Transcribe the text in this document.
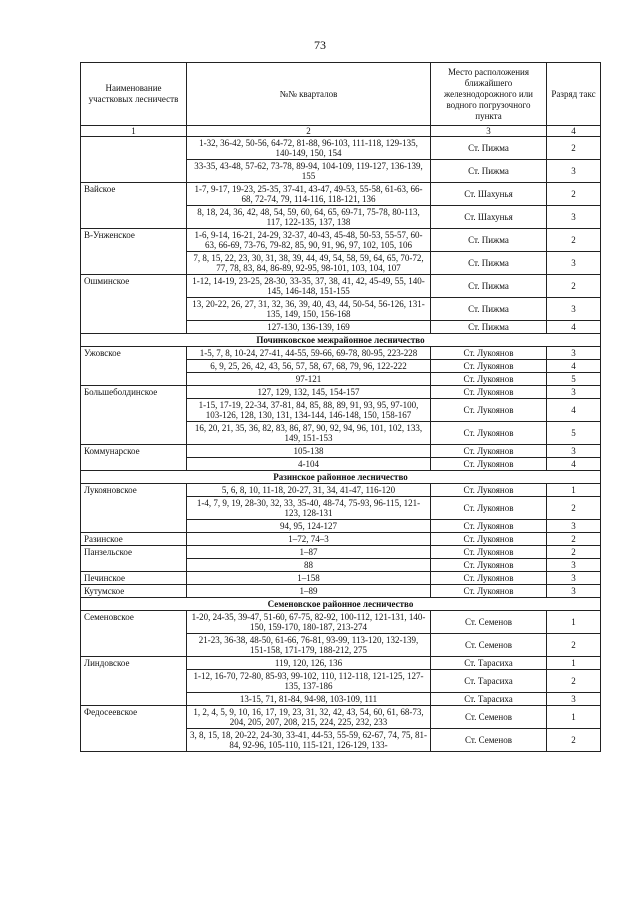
73
Наименование участковых лесничеств	№№ кварталов	Место расположения ближайшего железнодорожного или водного погрузочного пункта	Разряд такс
1	2	3	4
	1-32, 36-42, 50-56, 64-72, 81-88, 96-103, 111-118, 129-135, 140-149, 150, 154	Ст. Пижма	2
	33-35, 43-48, 57-62, 73-78, 89-94, 104-109, 119-127, 136-139, 155	Ст. Пижма	3
Вайское	1-7, 9-17, 19-23, 25-35, 37-41, 43-47, 49-53, 55-58, 61-63, 66-68, 72-74, 79, 114-116, 118-121, 136	Ст. Шахунья	2
	8, 18, 24, 36, 42, 48, 54, 59, 60, 64, 65, 69-71, 75-78, 80-113, 117, 122-135, 137, 138	Ст. Шахунья	3
В-Унженское	1-6, 9-14, 16-21, 24-29, 32-37, 40-43, 45-48, 50-53, 55-57, 60-63, 66-69, 73-76, 79-82, 85, 90, 91, 96, 97, 102, 105, 106	Ст. Пижма	2
	7, 8, 15, 22, 23, 30, 31, 38, 39, 44, 49, 54, 58, 59, 64, 65, 70-72, 77, 78, 83, 84, 86-89, 92-95, 98-101, 103, 104, 107	Ст. Пижма	3
Ошминское	1-12, 14-19, 23-25, 28-30, 33-35, 37, 38, 41, 42, 45-49, 55, 140-145, 146-148, 151-155	Ст. Пижма	2
	13, 20-22, 26, 27, 31, 32, 36, 39, 40, 43, 44, 50-54, 56-126, 131-135, 149, 150, 156-168	Ст. Пижма	3
	127-130, 136-139, 169	Ст. Пижма	4
Починковское межрайонное лесничество			
Ужовское	1-5, 7, 8, 10-24, 27-41, 44-55, 59-66, 69-78, 80-95, 223-228	Ст. Лукоянов	3
	6, 9, 25, 26, 42, 43, 56, 57, 58, 67, 68, 79, 96, 122-222	Ст. Лукоянов	4
	97-121	Ст. Лукоянов	5
Большеболдинское	127, 129, 132, 145, 154-157	Ст. Лукоянов	3
	1-15, 17-19, 22-34, 37-81, 84, 85, 88, 89, 91, 93, 95, 97-100, 103-126, 128, 130, 131, 134-144, 146-148, 150, 158-167	Ст. Лукоянов	4
	16, 20, 21, 35, 36, 82, 83, 86, 87, 90, 92, 94, 96, 101, 102, 133, 149, 151-153	Ст. Лукоянов	5
Коммунарское	105-138	Ст. Лукоянов	3
	4-104	Ст. Лукоянов	4
Разинское районное лесничество			
Лукояновское	5, 6, 8, 10, 11-18, 20-27, 31, 34, 41-47, 116-120	Ст. Лукоянов	1
	1-4, 7, 9, 19, 28-30, 32, 33, 35-40, 48-74, 75-93, 96-115, 121-123, 128-131	Ст. Лукоянов	2
	94, 95, 124-127	Ст. Лукоянов	3
Разинское	1–72, 74–3	Ст. Лукоянов	2
Панзельское	1–87	Ст. Лукоянов	2
	88	Ст. Лукоянов	3
Печинское	1–158	Ст. Лукоянов	3
Кутумское	1–89	Ст. Лукоянов	3
Семеновское районное лесничество			
Семеновское	1-20, 24-35, 39-47, 51-60, 67-75, 82-92, 100-112, 121-131, 140-150, 159-170, 180-187, 213-274	Ст. Семенов	1
	21-23, 36-38, 48-50, 61-66, 76-81, 93-99, 113-120, 132-139, 151-158, 171-179, 188-212, 275	Ст. Семенов	2
Линдовское	119, 120, 126, 136	Ст. Тарасиха	1
	1-12, 16-70, 72-80, 85-93, 99-102, 110, 112-118, 121-125, 127-135, 137-186	Ст. Тарасиха	2
	13-15, 71, 81-84, 94-98, 103-109, 111	Ст. Тарасиха	3
Федосеевское	1, 2, 4, 5, 9, 10, 16, 17, 19, 23, 31, 32, 42, 43, 54, 60, 61, 68-73, 204, 205, 207, 208, 215, 224, 225, 232, 233	Ст. Семенов	1
	3, 8, 15, 18, 20-22, 24-30, 33-41, 44-53, 55-59, 62-67, 74, 75, 81-84, 92-96, 105-110, 115-121, 126-129, 133-	Ст. Семенов	2
